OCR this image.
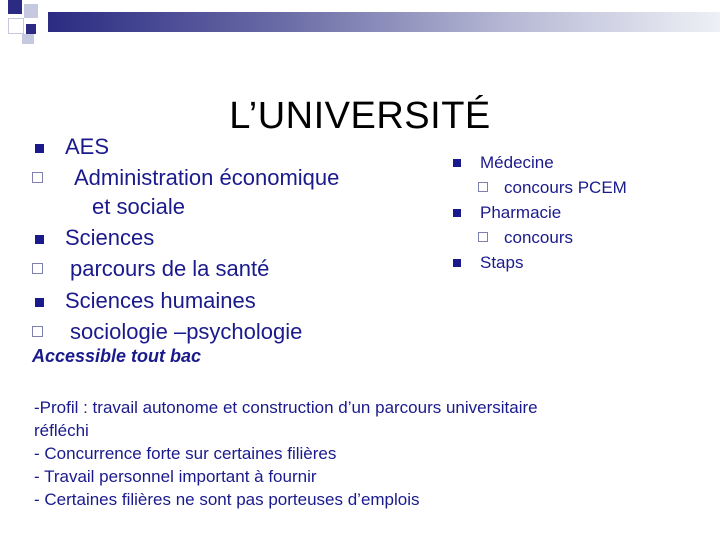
L’UNIVERSITÉ
AES
Administration économique
et sociale
Sciences
parcours de la santé
Sciences humaines
sociologie –psychologie
Médecine
concours PCEM
Pharmacie
concours
Staps
Accessible tout bac
-Profil : travail autonome et construction d’un parcours universitaire
réfléchi
- Concurrence forte sur certaines filières
- Travail personnel important à fournir
- Certaines filières ne sont pas porteuses d’emplois
